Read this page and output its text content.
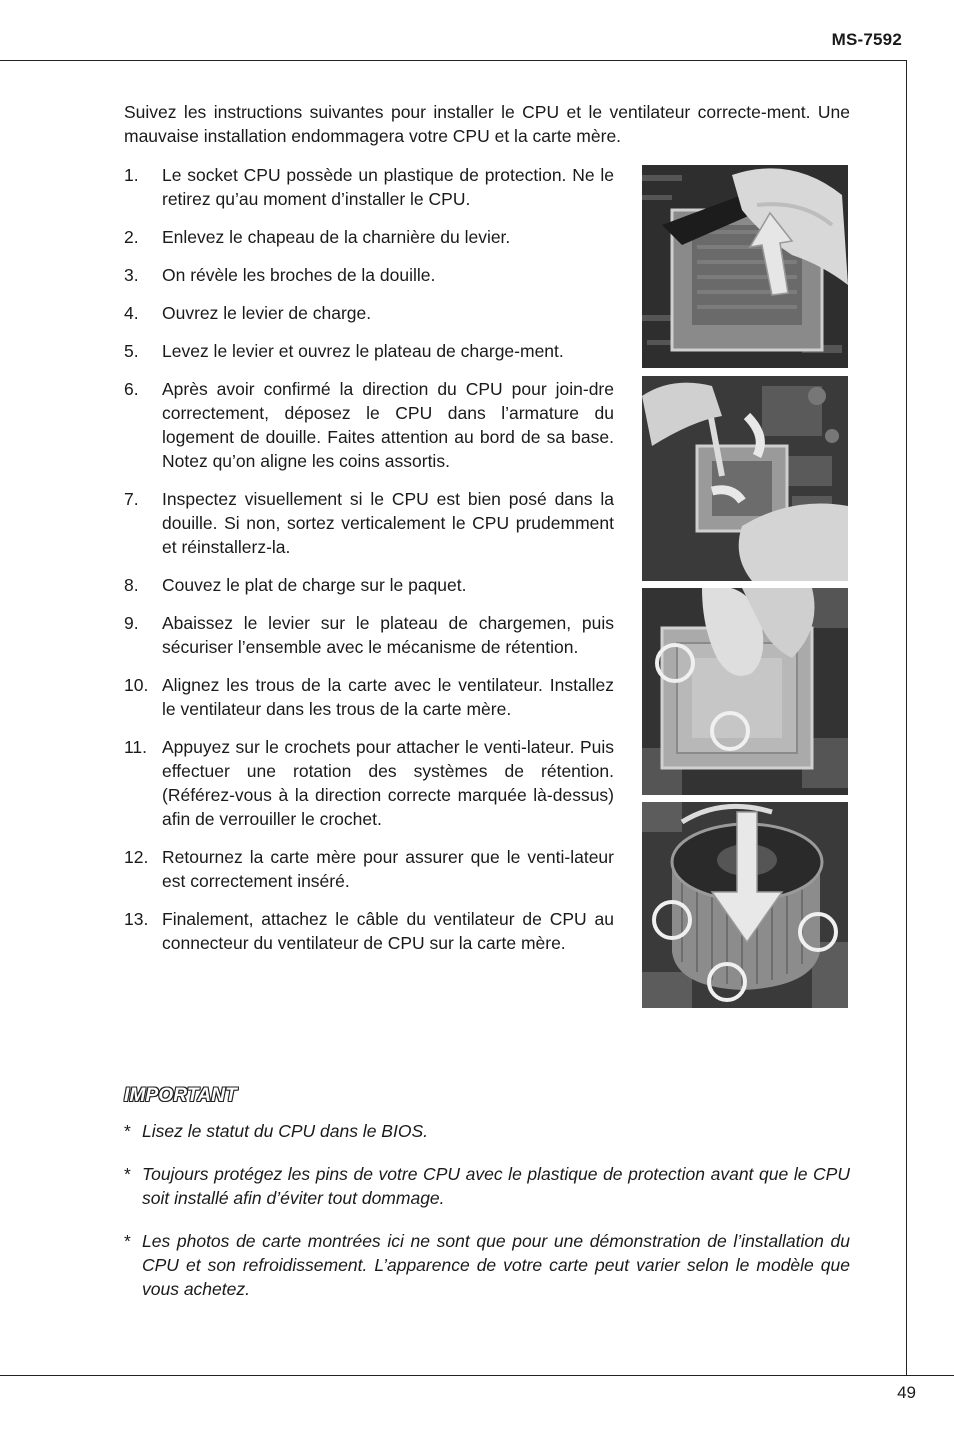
MS-7592

Suivez les instructions suivantes pour installer le CPU et le ventilateur correcte-ment. Une mauvaise installation endommagera votre CPU et la carte mère.

1.	Le socket CPU possède un plastique de protection. Ne le retirez qu’au moment d’installer le CPU.
2.	Enlevez le chapeau de la charnière du levier.
3.	On révèle les broches de la douille.
4.	Ouvrez le levier de charge.
5.	Levez le levier et ouvrez le plateau de charge-ment.
6.	Après avoir confirmé la direction du CPU pour join-dre correctement, déposez le CPU dans l’armature du logement de douille. Faites attention au bord de sa base. Notez qu’on aligne les coins assortis.
7.	Inspectez visuellement si le CPU est bien posé dans la douille. Si non, sortez verticalement le CPU prudemment et réinstallerz-la.
8.	Couvez le plat de charge sur le paquet.
9.	Abaissez le levier sur le plateau de chargemen, puis sécuriser l’ensemble avec le mécanisme de rétention.
10. Alignez les trous de la carte avec le ventilateur. Installez le ventilateur dans les trous de la carte mère.
11. Appuyez sur le crochets pour attacher le venti-lateur. Puis effectuer une rotation des systèmes de rétention. (Référez-vous à la direction correcte marquée là-dessus) afin de verrouiller le crochet.
12. Retournez la carte mère pour assurer que le venti-lateur est correctement inséré.
13. Finalement, attachez le câble du ventilateur de CPU au connecteur du ventilateur de CPU sur la carte mère.
IMPORTANT
* Lisez le statut du CPU dans le BIOS.
* Toujours protégez les pins de votre CPU avec le plastique de protection avant que le CPU soit installé afin d’éviter tout dommage.
* Les photos de carte montrées ici ne sont que pour une démonstration de l’installation du CPU et son refroidissement. L’apparence de votre carte peut varier selon le modèle que vous achetez.
49
